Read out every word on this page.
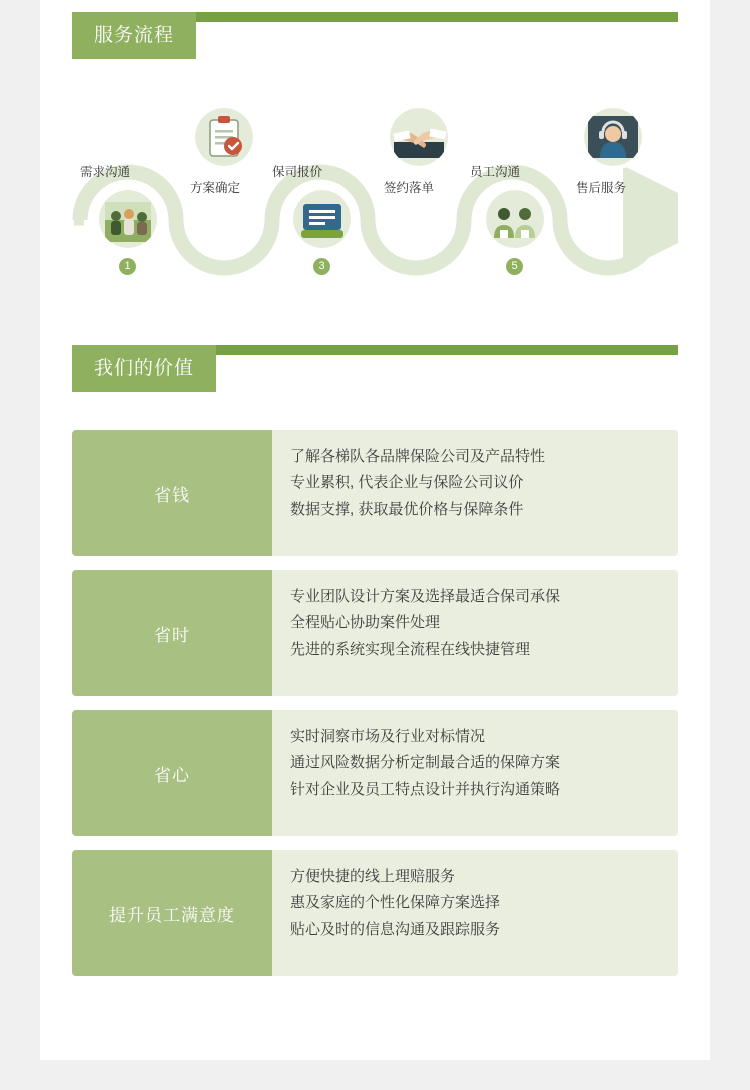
服务流程
需求沟通
1
方案确定
保司报价
3
签约落单
员工沟通
5
售后服务
我们的价值
省钱
了解各梯队各品牌保险公司及产品特性
专业累积, 代表企业与保险公司议价
数据支撑, 获取最优价格与保障条件
省时
专业团队设计方案及选择最适合保司承保
全程贴心协助案件处理
先进的系统实现全流程在线快捷管理
省心
实时洞察市场及行业对标情况
通过风险数据分析定制最合适的保障方案
针对企业及员工特点设计并执行沟通策略
提升员工满意度
方便快捷的线上理赔服务
惠及家庭的个性化保障方案选择
贴心及时的信息沟通及跟踪服务
